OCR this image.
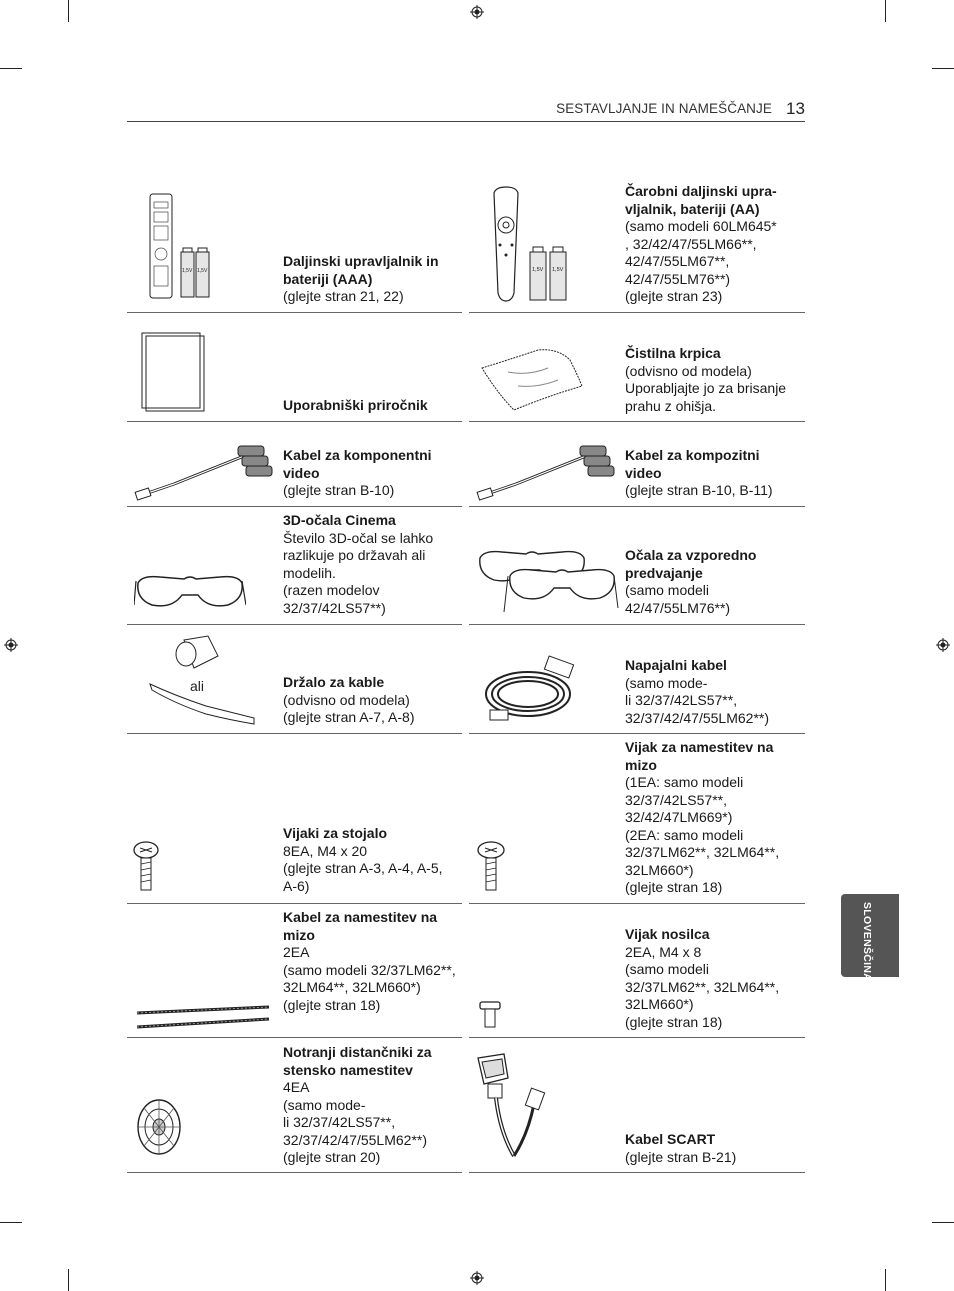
SESTAVLJANJE IN NAMEŠČANJE 13
SLOVENŠČINA
1,5V 1,5V
Daljinski upravljalnik in bateriji (AAA)
(glejte stran 21, 22)
Uporabniški priročnik
Kabel za komponentni video
(glejte stran B-10)
3D-očala Cinema
Število 3D-očal se lahko razlikuje po državah ali modelih.
(razen modelov 32/37/42LS57**)
ali	Držalo za kable
(odvisno od modela)
(glejte stran A-7, A-8)
Vijaki za stojalo
8EA, M4 x 20
(glejte stran A-3, A-4, A-5, A-6)
Kabel za namestitev na mizo
2EA
(samo modeli 32/37LM62**, 32LM64**, 32LM660*)
(glejte stran 18)
Notranji distančniki za stensko namestitev
4EA
(samo mode-
li 32/37/42LS57**,
32/37/42/47/55LM62**)
(glejte stran 20)
1,5V 1,5V
Čarobni daljinski upra-vljalnik, bateriji (AA)
(samo modeli 60LM645*
, 32/42/47/55LM66**,
42/47/55LM67**,
42/47/55LM76**)
(glejte stran 23)
Čistilna krpica
(odvisno od modela)
Uporabljajte jo za brisanje prahu z ohišja.
Kabel za kompozitni video
(glejte stran B-10, B-11)
Očala za vzporedno predvajanje
(samo modeli
42/47/55LM76**)
Napajalni kabel
(samo mode-
li 32/37/42LS57**,
32/37/42/47/55LM62**)
Vijak za namestitev na mizo
(1EA: samo modeli
32/37/42LS57**,
32/42/47LM669*)
(2EA: samo modeli
32/37LM62**, 32LM64**,
32LM660*)
(glejte stran 18)
Vijak nosilca
2EA, M4 x 8
(samo modeli
32/37LM62**, 32LM64**,
32LM660*)
(glejte stran 18)
Kabel SCART
(glejte stran B-21)
